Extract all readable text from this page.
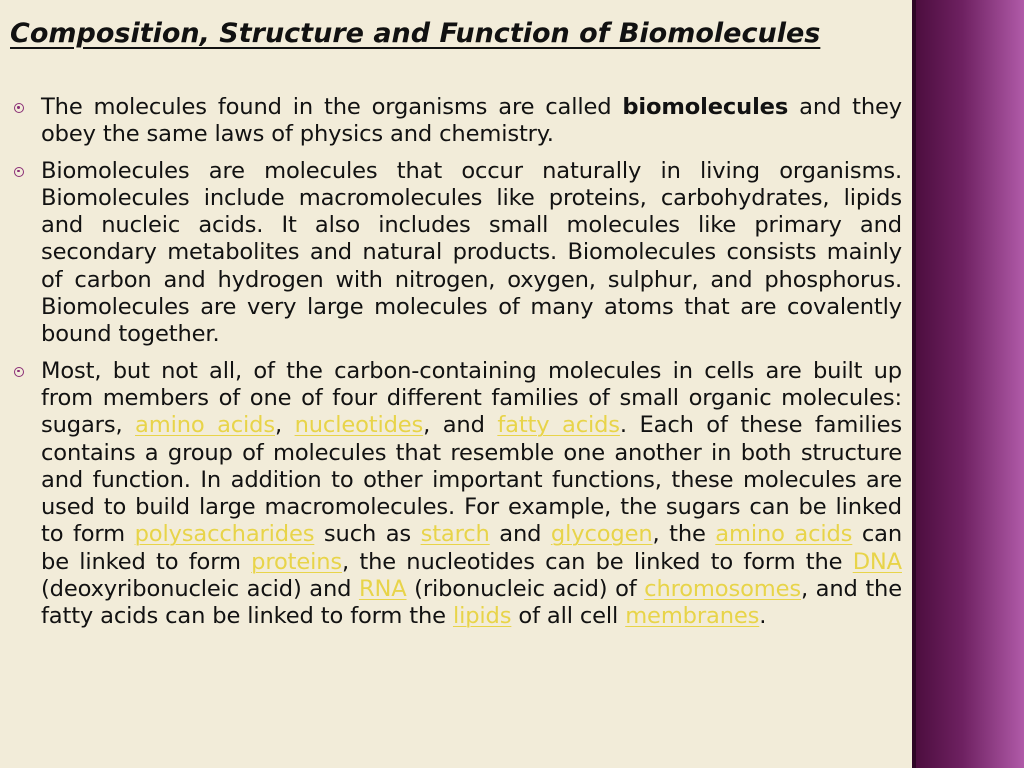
Composition, Structure and Function of Biomolecules
The molecules found in the organisms are called biomolecules and they obey the same laws of physics and chemistry.
Biomolecules are molecules that occur naturally in living organisms. Biomolecules include macromolecules like proteins, carbohydrates, lipids and nucleic acids. It also includes small molecules like primary and secondary metabolites and natural products. Biomolecules consists mainly of carbon and hydrogen with nitrogen, oxygen, sulphur, and phosphorus. Biomolecules are very large molecules of many atoms that are covalently bound together.
Most, but not all, of the carbon-containing molecules in cells are built up from members of one of four different families of small organic molecules: sugars, amino acids, nucleotides, and fatty acids. Each of these families contains a group of molecules that resemble one another in both structure and function. In addition to other important functions, these molecules are used to build large macromolecules. For example, the sugars can be linked to form polysaccharides such as starch and glycogen, the amino acids can be linked to form proteins, the nucleotides can be linked to form the DNA (deoxyribonucleic acid) and RNA (ribonucleic acid) of chromosomes, and the fatty acids can be linked to form the lipids of all cell membranes.
